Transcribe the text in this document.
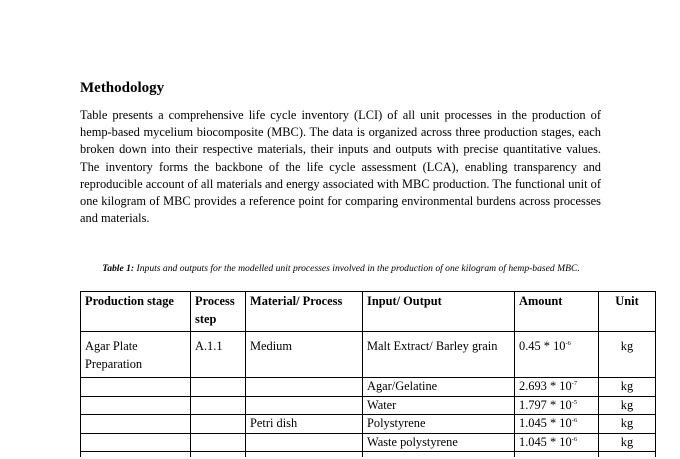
Methodology

Table presents a comprehensive life cycle inventory (LCI) of all unit processes in the production of hemp-based mycelium biocomposite (MBC). The data is organized across three production stages, each broken down into their respective materials, their inputs and outputs with precise quantitative values. The inventory forms the backbone of the life cycle assessment (LCA), enabling transparency and reproducible account of all materials and energy associated with MBC production. The functional unit of one kilogram of MBC provides a reference point for comparing environmental burdens across processes and materials.

Table 1: Inputs and outputs for the modelled unit processes involved in the production of one kilogram of hemp-based MBC.

Production stage	Process step	Material/ Process	Input/ Output	Amount	Unit
Agar Plate Preparation	A.1.1	Medium	Malt Extract/ Barley grain	$0.45 * 10^{-6}$	kg
			Agar/Gelatine	$2.693 * 10^{-7}$	kg
			Water	$1.797 * 10^{-5}$	kg
		Petri dish	Polystyrene	$1.045 * 10^{-6}$	kg
			Waste polystyrene	$1.045 * 10^{-6}$	kg
